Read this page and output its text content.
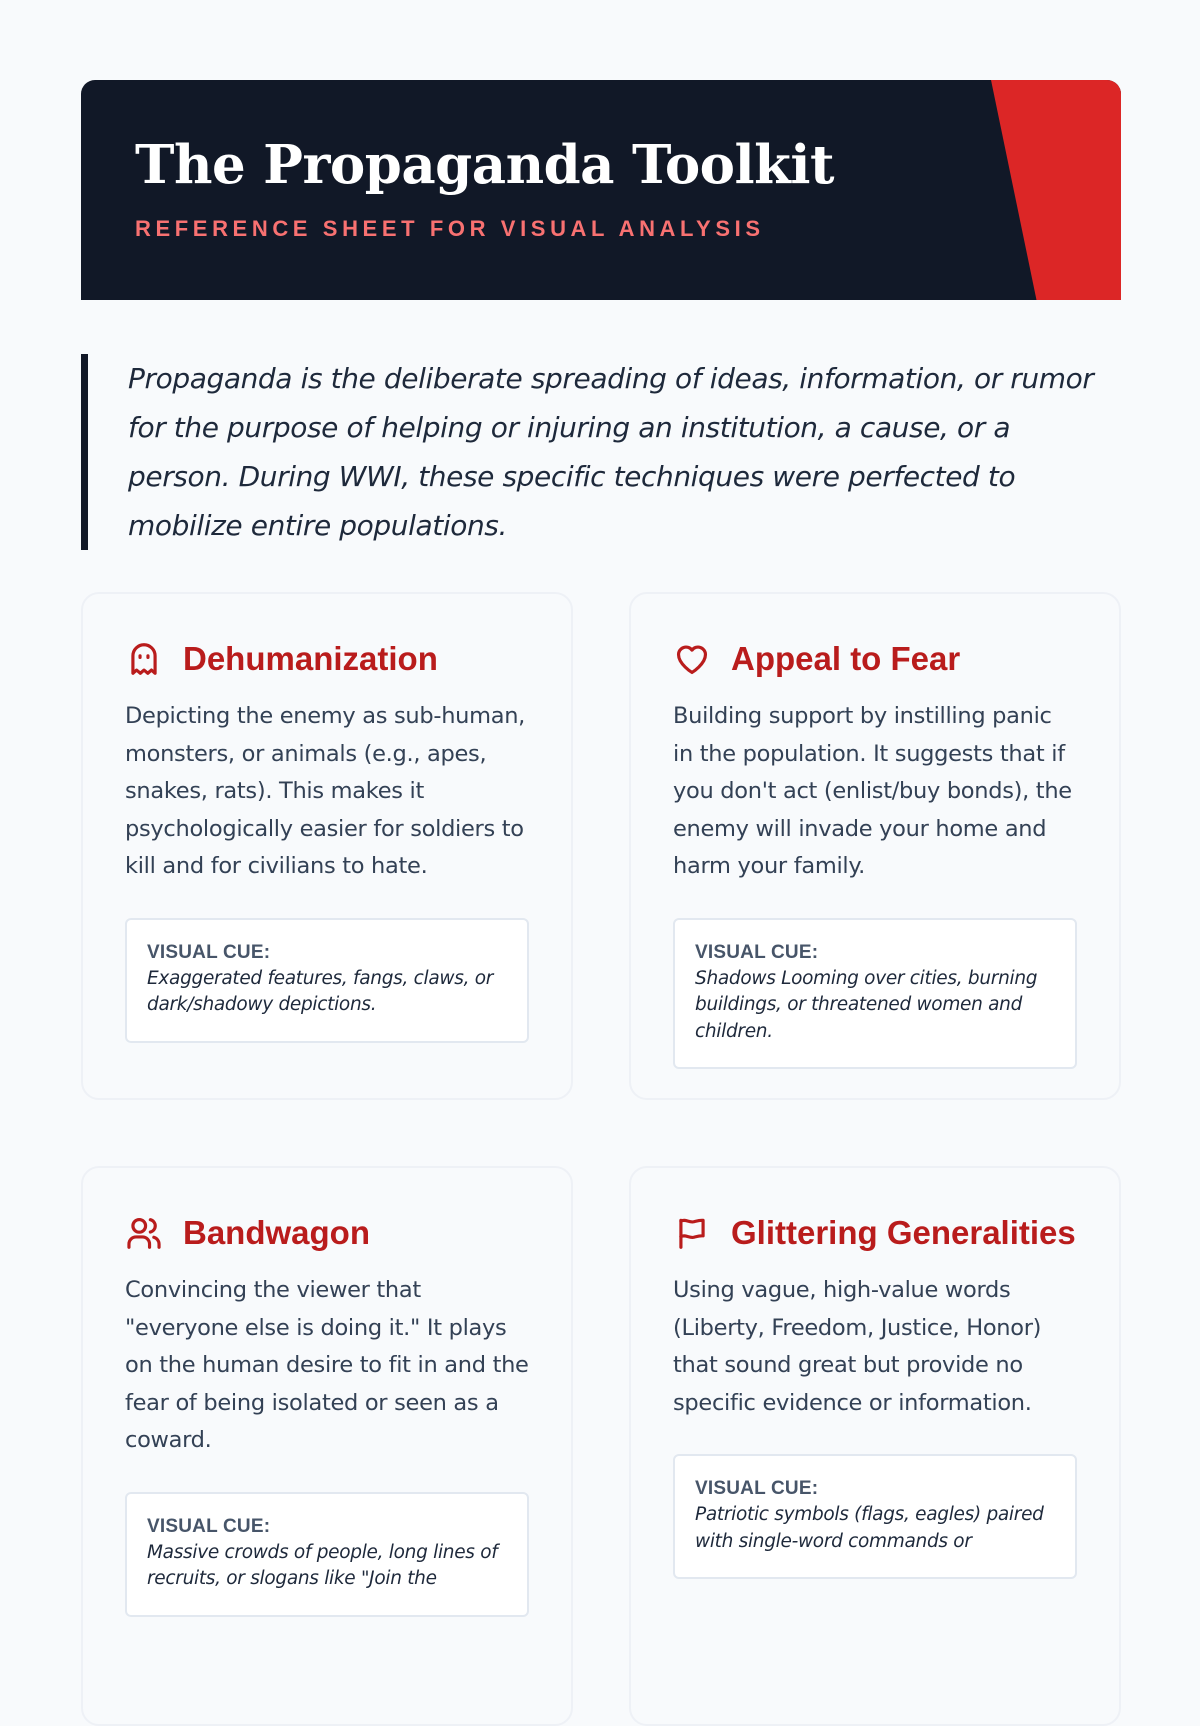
The Propaganda Toolkit

REFERENCE SHEET FOR VISUAL ANALYSIS

Propaganda is the deliberate spreading of ideas, information, or rumor for the purpose of helping or injuring an institution, a cause, or a person. During WWI, these specific techniques were perfected to mobilize entire populations.

Dehumanization

Depicting the enemy as sub-human, monsters, or animals (e.g., apes, snakes, rats). This makes it psychologically easier for soldiers to kill and for civilians to hate.

VISUAL CUE:
Exaggerated features, fangs, claws, or dark/shadowy depictions.
Appeal to Fear

Building support by instilling panic in the population. It suggests that if you don't act (enlist/buy bonds), the enemy will invade your home and harm your family.

VISUAL CUE:
Shadows Looming over cities, burning buildings, or threatened women and children.
Bandwagon

Convincing the viewer that "everyone else is doing it." It plays on the human desire to fit in and the fear of being isolated or seen as a coward.

VISUAL CUE:
Massive crowds of people, long lines of recruits, or slogans like "Join the
Glittering Generalities

Using vague, high-value words (Liberty, Freedom, Justice, Honor) that sound great but provide no specific evidence or information.

VISUAL CUE:
Patriotic symbols (flags, eagles) paired with single-word commands or
